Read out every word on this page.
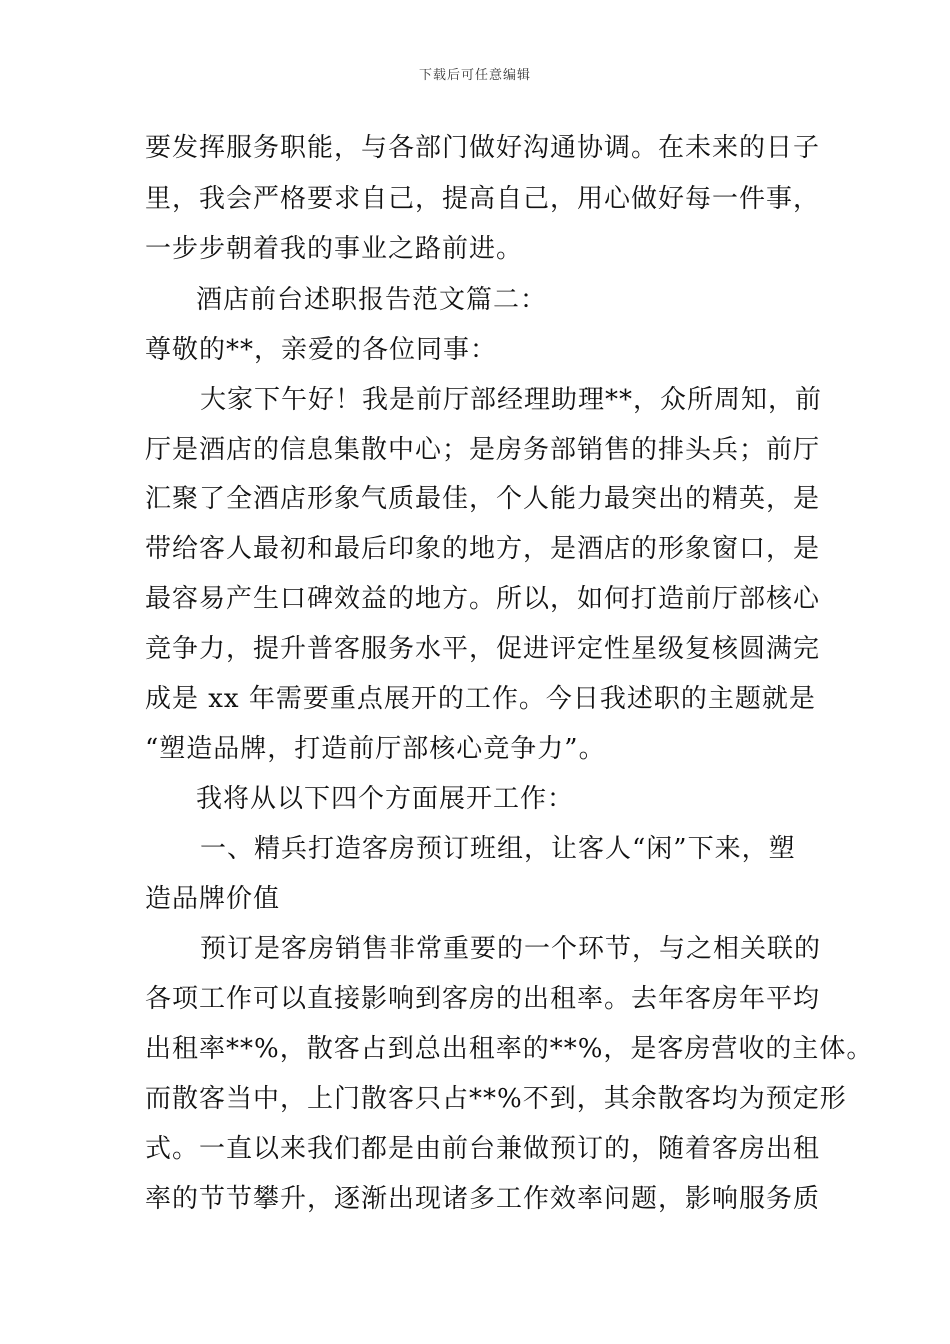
下载后可任意编辑
要发挥服务职能，与各部门做好沟通协调。在未来的日子
里，我会严格要求自己，提高自己，用心做好每一件事，
一步步朝着我的事业之路前进。
酒店前台述职报告范文篇二：
尊敬的**，亲爱的各位同事：
大家下午好！我是前厅部经理助理**，众所周知，前
厅是酒店的信息集散中心；是房务部销售的排头兵；前厅
汇聚了全酒店形象气质最佳，个人能力最突出的精英，是
带给客人最初和最后印象的地方，是酒店的形象窗口，是
最容易产生口碑效益的地方。所以，如何打造前厅部核心
竞争力，提升普客服务水平，促进评定性星级复核圆满完
成是 xx 年需要重点展开的工作。今日我述职的主题就是
“塑造品牌，打造前厅部核心竞争力”。
我将从以下四个方面展开工作：
一、精兵打造客房预订班组，让客人“闲”下来，塑
造品牌价值
预订是客房销售非常重要的一个环节，与之相关联的
各项工作可以直接影响到客房的出租率。去年客房年平均
出租率**%，散客占到总出租率的**%，是客房营收的主体。
而散客当中，上门散客只占**%不到，其余散客均为预定形
式。一直以来我们都是由前台兼做预订的，随着客房出租
率的节节攀升，逐渐出现诸多工作效率问题，影响服务质
